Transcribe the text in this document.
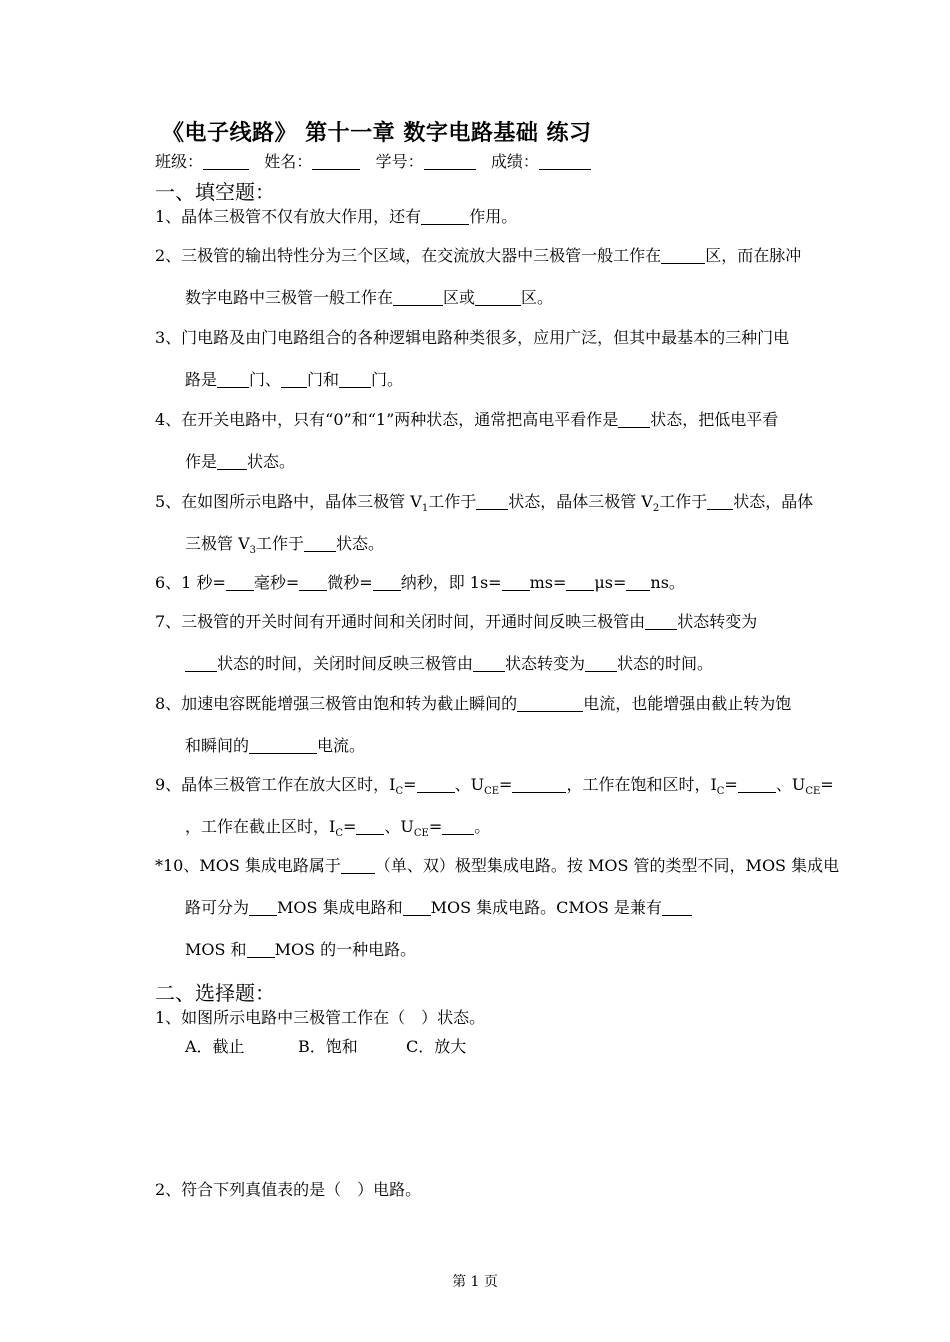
《电子线路》 第十一章 数字电路基础 练习
班级：	姓名：	学号：	成绩：
一、填空题：
1、晶体三极管不仅有放大作用，还有	作用。
2、三极管的输出特性分为三个区域，在交流放大器中三极管一般工作在	区，而在脉冲
数字电路中三极管一般工作在	区或	区。
3、门电路及由门电路组合的各种逻辑电路种类很多，应用广泛，但其中最基本的三种门电
路是 门、 门和 门。
4、在开关电路中，只有“0”和“1”两种状态，通常把高电平看作是 状态，把低电平看
作是 状态。
5、在如图所示电路中，晶体三极管 $V_1$工作于 状态，晶体三极管 $V_2$工作于 状态，晶体
三极管 $V_3$工作于 状态。
6、1 秒= 毫秒= 微秒= 纳秒，即 1s= ms= μs= ns。
7、三极管的开关时间有开通时间和关闭时间，开通时间反映三极管由 状态转变为
状态的时间，关闭时间反映三极管由 状态转变为 状态的时间。
8、加速电容既能增强三极管由饱和转为截止瞬间的	电流，也能增强由截止转为饱
和瞬间的	电流。
9、晶体三极管工作在放大区时，$I_C=$ 、$U_{CE}=$	，工作在饱和区时，$I_C=$ 、$U_{CE}=$
，工作在截止区时，$I_C=$ 、$U_{CE}=$ 。
*10、MOS 集成电路属于 （单、双）极型集成电路。按 MOS 管的类型不同，MOS 集成电
路可分为 MOS 集成电路和 MOS 集成电路。CMOS 是兼有
MOS 和 MOS 的一种电路。
二、选择题：
1、如图所示电路中三极管工作在（　）状态。
A．截止	B．饱和	C．放大
2、符合下列真值表的是（　）电路。
第 1 页
